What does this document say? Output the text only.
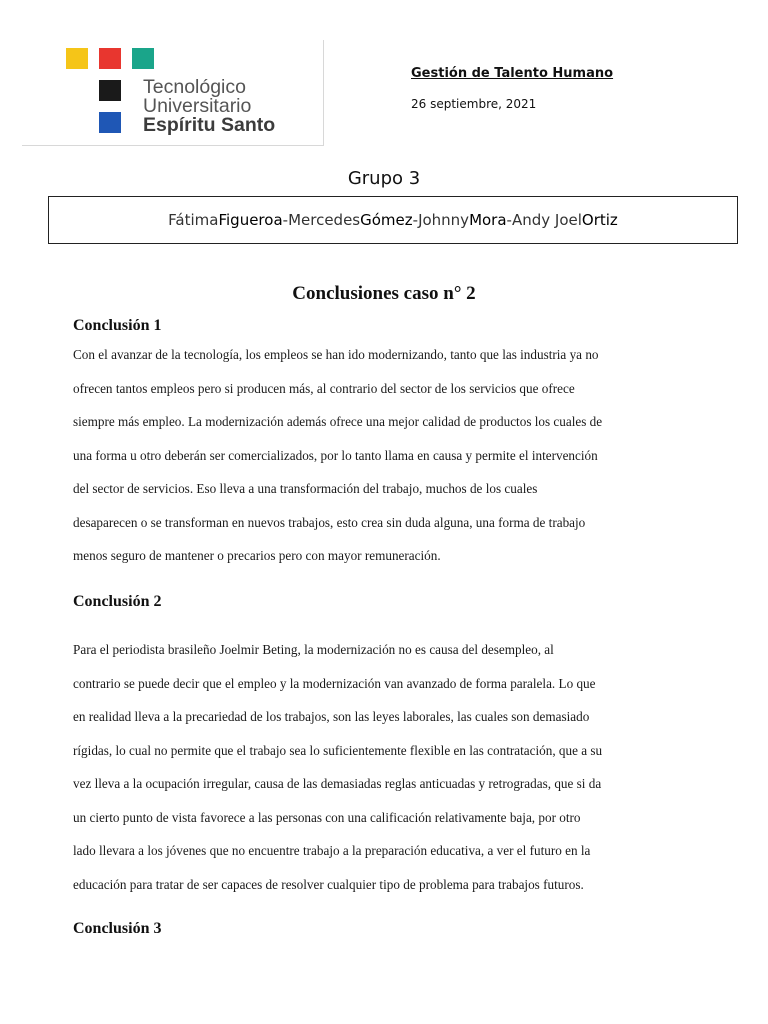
Tecnológico
Universitario
Espíritu Santo
Gestión de Talento Humano
26 septiembre, 2021
Grupo 3
Fátima Figueroa - Mercedes Gómez - Johnny Mora - Andy Joel Ortiz
Conclusiones caso n° 2
Conclusión 1
Con el avanzar de la tecnología, los empleos se han ido modernizando, tanto que las industria ya no
ofrecen tantos empleos pero si producen más, al contrario del sector de los servicios que ofrece
siempre más empleo. La modernización además ofrece una mejor calidad de productos los cuales de
una forma u otro deberán ser comercializados, por lo tanto llama en causa y permite el intervención
del sector de servicios. Eso lleva a una transformación del trabajo, muchos de los cuales
desaparecen o se transforman en nuevos trabajos, esto crea sin duda alguna, una forma de trabajo
menos seguro de mantener o precarios pero con mayor remuneración.
Conclusión 2
Para el periodista brasileño Joelmir Beting, la modernización no es causa del desempleo, al
contrario se puede decir que el empleo y la modernización van avanzado de forma paralela. Lo que
en realidad lleva a la precariedad de los trabajos, son las leyes laborales, las cuales son demasiado
rígidas, lo cual no permite que el trabajo sea lo suficientemente flexible en las contratación, que a su
vez lleva a la ocupación irregular, causa de las demasiadas reglas anticuadas y retrogradas, que si da
un cierto punto de vista favorece a las personas con una calificación relativamente baja, por otro
lado llevara a los jóvenes que no encuentre trabajo a la preparación educativa, a ver el futuro en la
educación para tratar de ser capaces de resolver cualquier tipo de problema para trabajos futuros.
Conclusión 3
